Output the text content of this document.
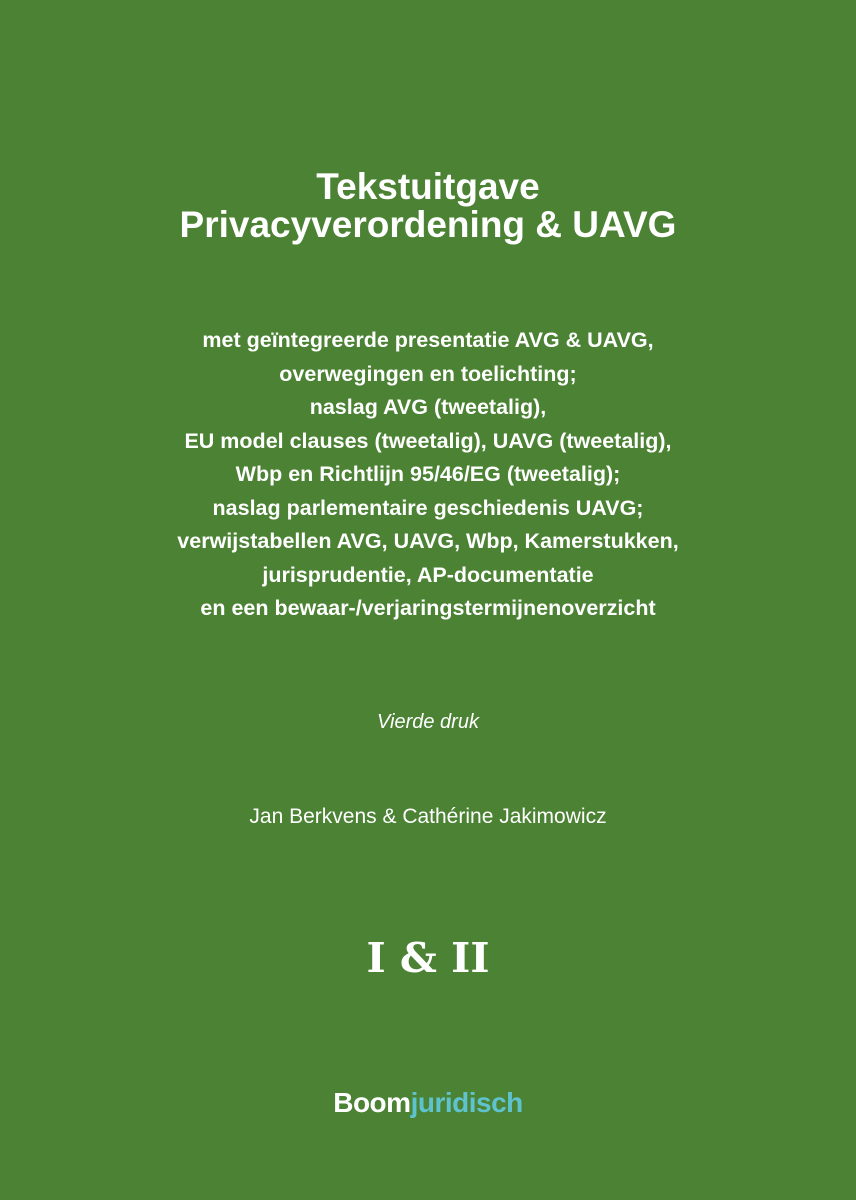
Tekstuitgave
Privacyverordening & UAVG
met geïntegreerde presentatie AVG & UAVG,
overwegingen en toelichting;
naslag AVG (tweetalig),
EU model clauses (tweetalig), UAVG (tweetalig),
Wbp en Richtlijn 95/46/EG (tweetalig);
naslag parlementaire geschiedenis UAVG;
verwijstabellen AVG, UAVG, Wbp, Kamerstukken,
jurisprudentie, AP-documentatie
en een bewaar-/verjaringstermijnenoverzicht
Vierde druk
Jan Berkvens & Cathérine Jakimowicz
I & II
Boomjuridisch
